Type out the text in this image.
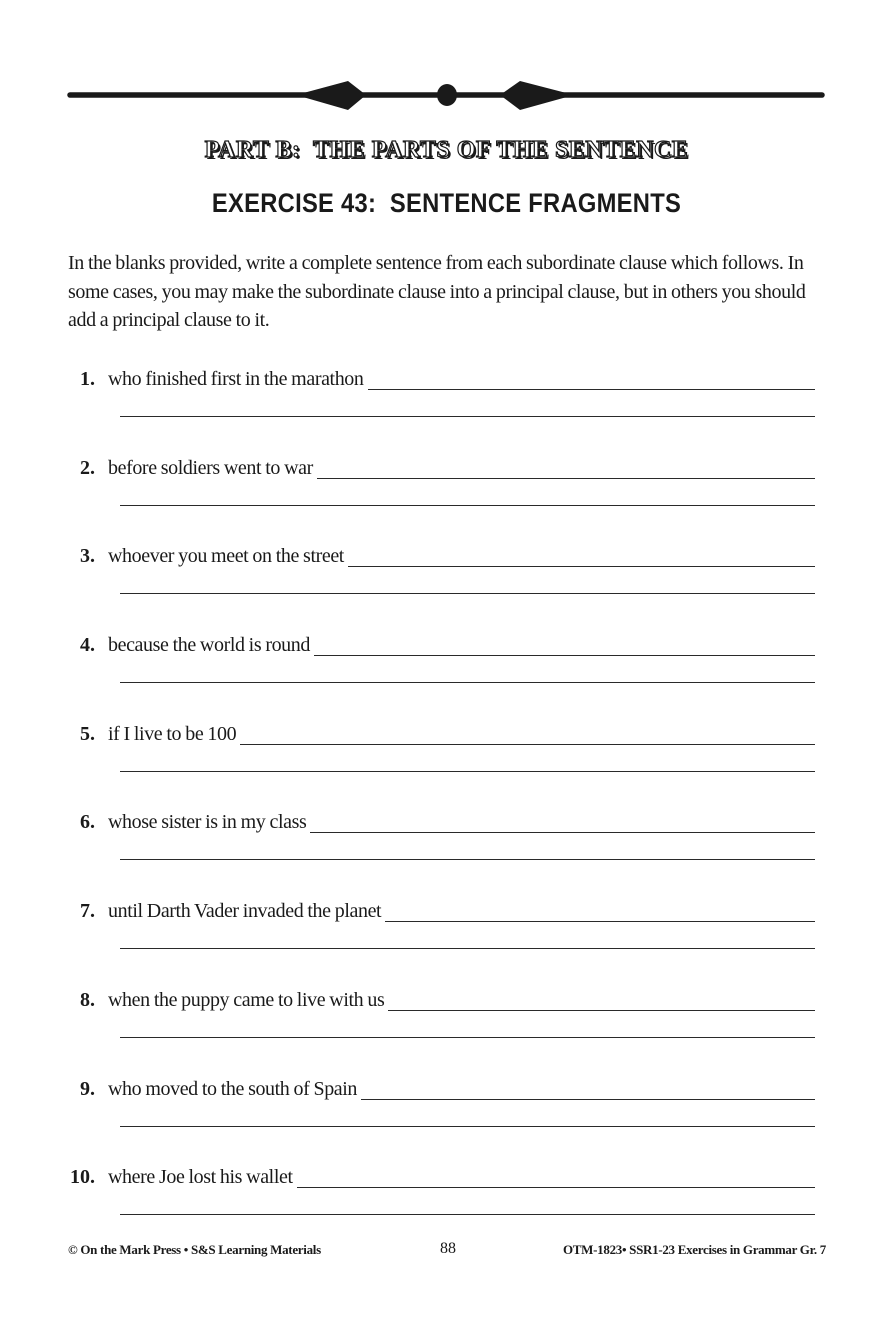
PART B:  THE PARTS OF THE SENTENCE
EXERCISE 43:  SENTENCE FRAGMENTS
In the blanks provided, write a complete sentence from each subordinate clause which follows. In some cases, you may make the subordinate clause into a principal clause, but in others you should add a principal clause to it.
1. who finished first in the marathon
2. before soldiers went to war
3. whoever you meet on the street
4. because the world is round
5. if I live to be 100
6. whose sister is in my class
7. until Darth Vader invaded the planet
8. when the puppy came to live with us
9. who moved to the south of Spain
10. where Joe lost his wallet
© On the Mark Press • S&S Learning Materials	88	OTM-1823• SSR1-23 Exercises in Grammar Gr. 7
